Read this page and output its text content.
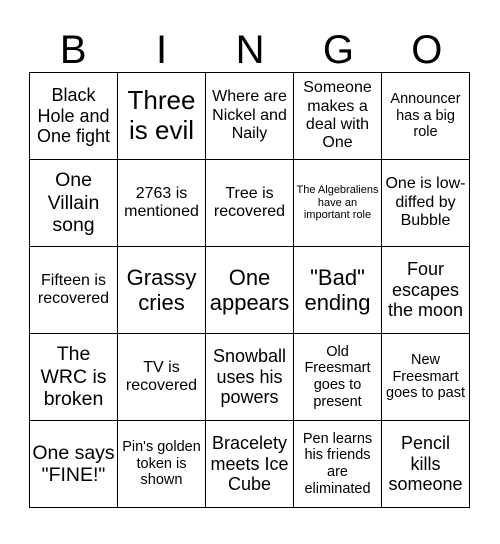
B	I	N	G	O
Black Hole and One fight	Three is evil	Where are Nickel and Naily	Someone makes a deal with One	Announcer has a big role
One Villain song	2763 is mentioned	Tree is recovered	The Algebraliens have an important role	One is low-diffed by Bubble
Fifteen is recovered	Grassy cries	One appears	"Bad" ending	Four escapes the moon
The WRC is broken	TV is recovered	Snowball uses his powers	Old Freesmart goes to present	New Freesmart goes to past
One says "FINE!"	Pin's golden token is shown	Bracelety meets Ice Cube	Pen learns his friends are eliminated	Pencil kills someone
